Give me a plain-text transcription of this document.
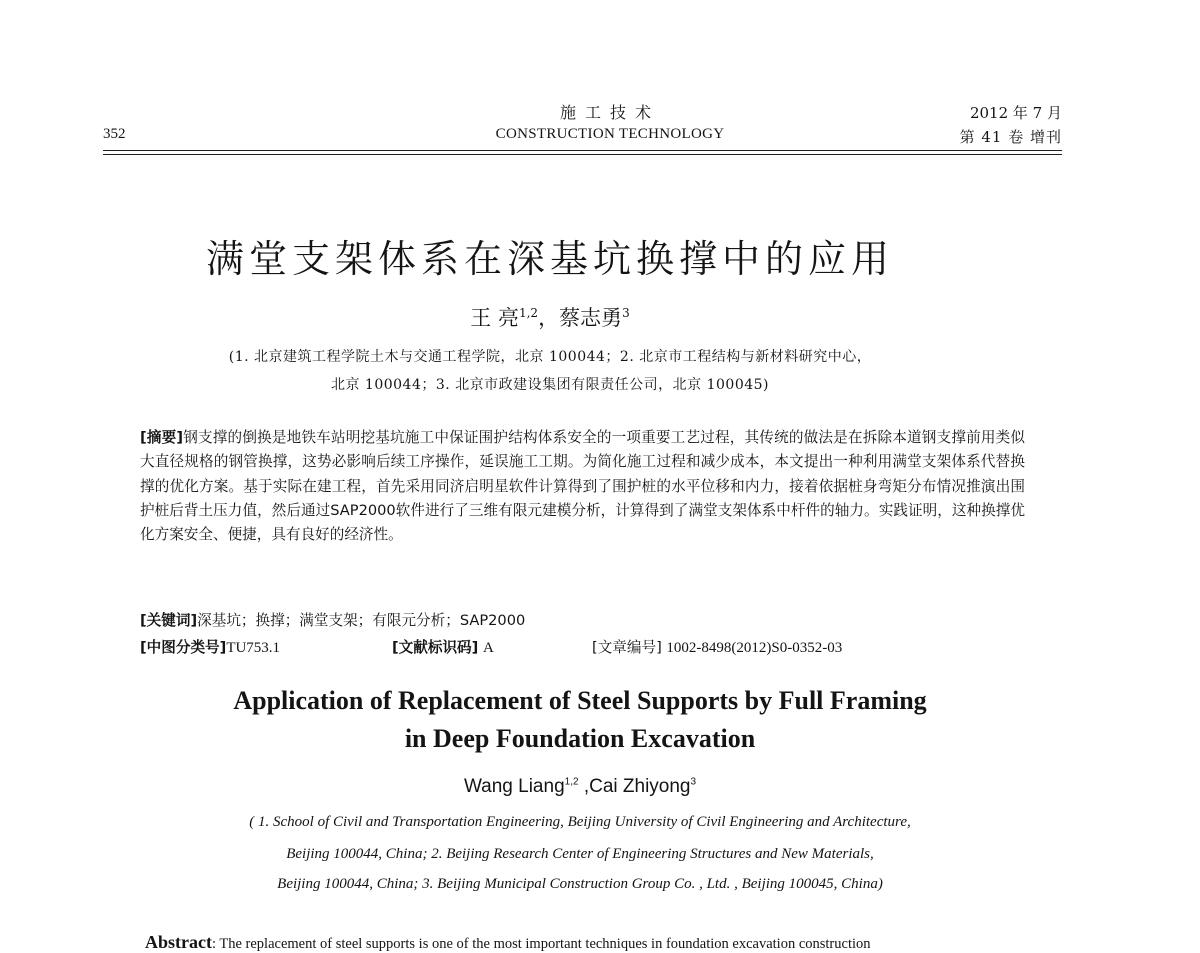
352
施工技术
CONSTRUCTION TECHNOLOGY
2012 年 7 月
第 41 卷 增刊
满堂支架体系在深基坑换撑中的应用
王 亮$^{1,2}$，蔡志勇$^3$
(1. 北京建筑工程学院土木与交通工程学院，北京 100044；2. 北京市工程结构与新材料研究中心，
北京 100044；3. 北京市政建设集团有限责任公司，北京 100045)
[摘要]钢支撑的倒换是地铁车站明挖基坑施工中保证围护结构体系安全的一项重要工艺过程，其传统的做法是在拆除本道钢支撑前用类似大直径规格的钢管换撑，这势必影响后续工序操作，延误施工工期。为简化施工过程和减少成本，本文提出一种利用满堂支架体系代替换撑的优化方案。基于实际在建工程，首先采用同济启明星软件计算得到了围护桩的水平位移和内力，接着依据桩身弯矩分布情况推演出围护桩后背土压力值，然后通过SAP2000软件进行了三维有限元建模分析，计算得到了满堂支架体系中杆件的轴力。实践证明，这种换撑优化方案安全、便捷，具有良好的经济性。
[关键词]深基坑；换撑；满堂支架；有限元分析；SAP2000
[中图分类号]TU753.1	[文献标识码] A	[文章编号] 1002-8498(2012)S0-0352-03
Application of Replacement of Steel Supports by Full Framing
in Deep Foundation Excavation
Wang Liang$^{1,2}$ ,Cai Zhiyong$^3$
( 1. School of Civil and Transportation Engineering, Beijing University of Civil Engineering and Architecture,
Beijing 100044, China; 2. Beijing Research Center of Engineering Structures and New Materials,
Beijing 100044, China; 3. Beijing Municipal Construction Group Co. , Ltd. , Beijing 100045, China)
Abstract: The replacement of steel supports is one of the most important techniques in foundation excavation construction
